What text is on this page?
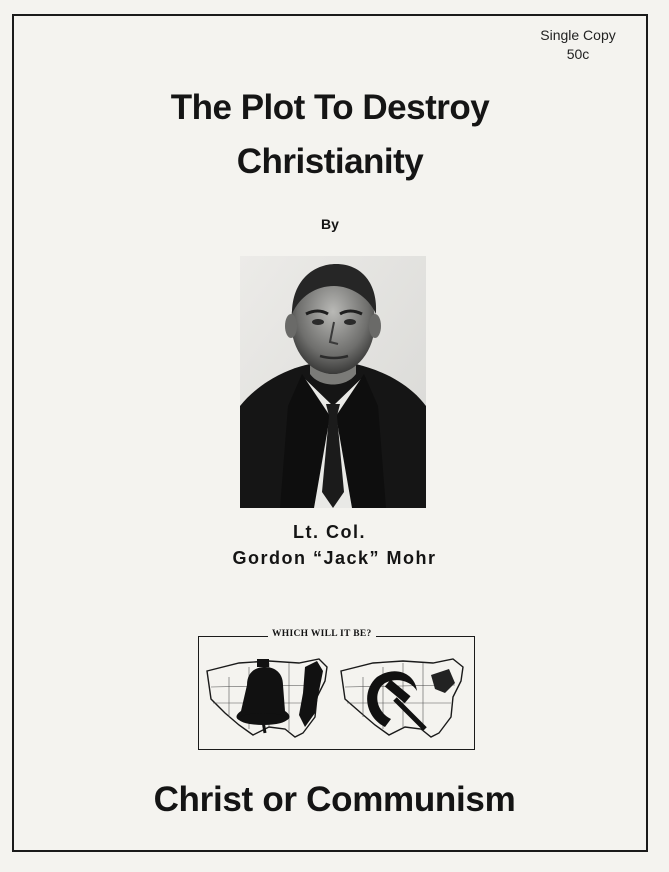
Single Copy
50c
The Plot To Destroy
Christianity
By
Lt. Col.
Gordon “Jack” Mohr
WHICH WILL IT BE?
Christ or Communism
